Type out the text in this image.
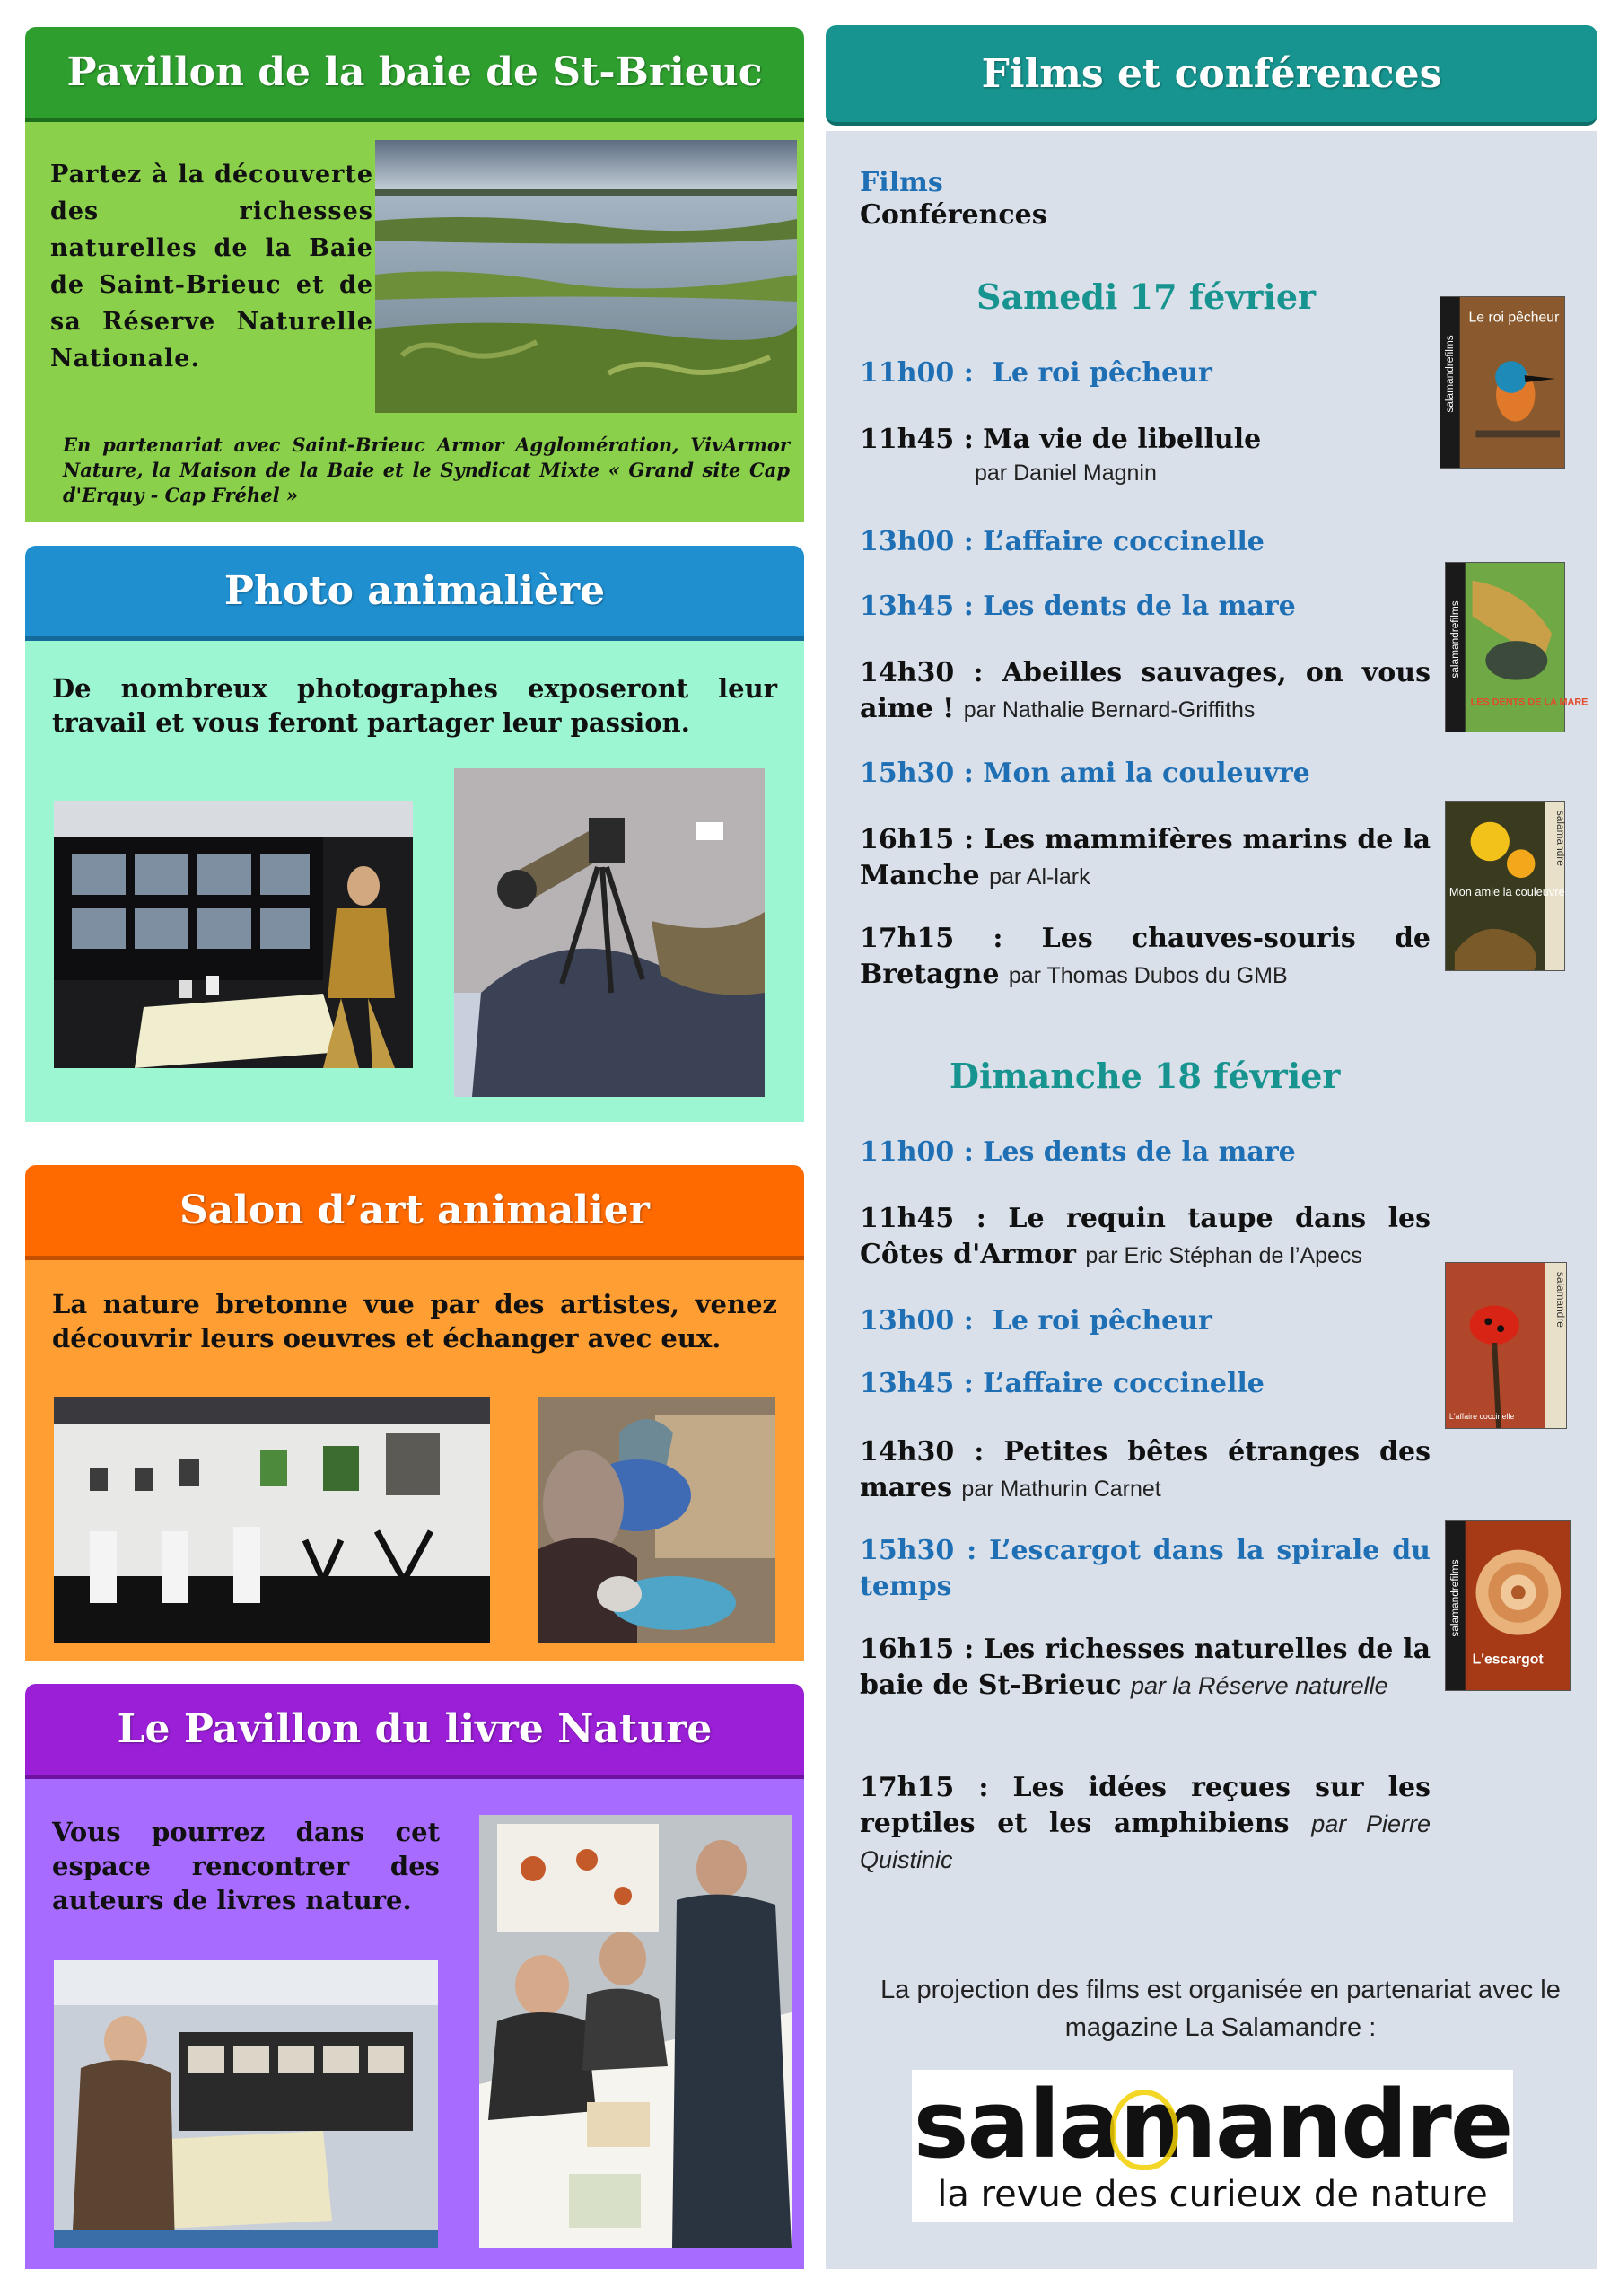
Pavillon de la baie de St-Brieuc

Partez à la découverte des richesses naturelles de la Baie de Saint-Brieuc et de sa Réserve Naturelle Nationale.

En partenariat avec Saint-Brieuc Armor Agglomération, VivArmor Nature, la Maison de la Baie et le Syndicat Mixte « Grand site Cap d'Erquy - Cap Fréhel »

Photo animalière

De nombreux photographes exposeront leur travail et vous feront partager leur passion.

Salon d’art animalier

La nature bretonne vue par des artistes, venez découvrir leurs oeuvres et échanger avec eux.

Le Pavillon du livre Nature

Vous pourrez dans cet espace rencontrer des auteurs de livres nature.

Films et conférences
Films
Conférences
Samedi 17 février
11h00 : Le roi pêcheur
11h45 : Ma vie de libellule
par Daniel Magnin
13h00 : L’affaire coccinelle
13h45 : Les dents de la mare
14h30 : Abeilles sauvages, on vous aime ! par Nathalie Bernard-Griffiths
15h30 : Mon ami la couleuvre
16h15 : Les mammifères marins de la Manche par Al-lark
17h15 : Les chauves-souris de Bretagne par Thomas Dubos du GMB
Dimanche 18 février
11h00 : Les dents de la mare
11h45 : Le requin taupe dans les Côtes d'Armor par Eric Stéphan de l’Apecs
13h00 : Le roi pêcheur
13h45 : L’affaire coccinelle
14h30 : Petites bêtes étranges des mares par Mathurin Carnet
15h30 : L’escargot dans la spirale du temps
16h15 : Les richesses naturelles de la baie de St-Brieuc par la Réserve naturelle
17h15 : Les idées reçues sur les reptiles et les amphibiens par Pierre Quistinic
salamandrefilms
Le roi pêcheur
salamandrefilms
LES DENTS DE LA MARE
salamandre
Mon amie la couleuvre
salamandre
L'affaire coccinelle
salamandrefilms
L'escargot

La projection des films est organisée en partenariat avec le magazine La Salamandre :

salamandre
la revue des curieux de nature
